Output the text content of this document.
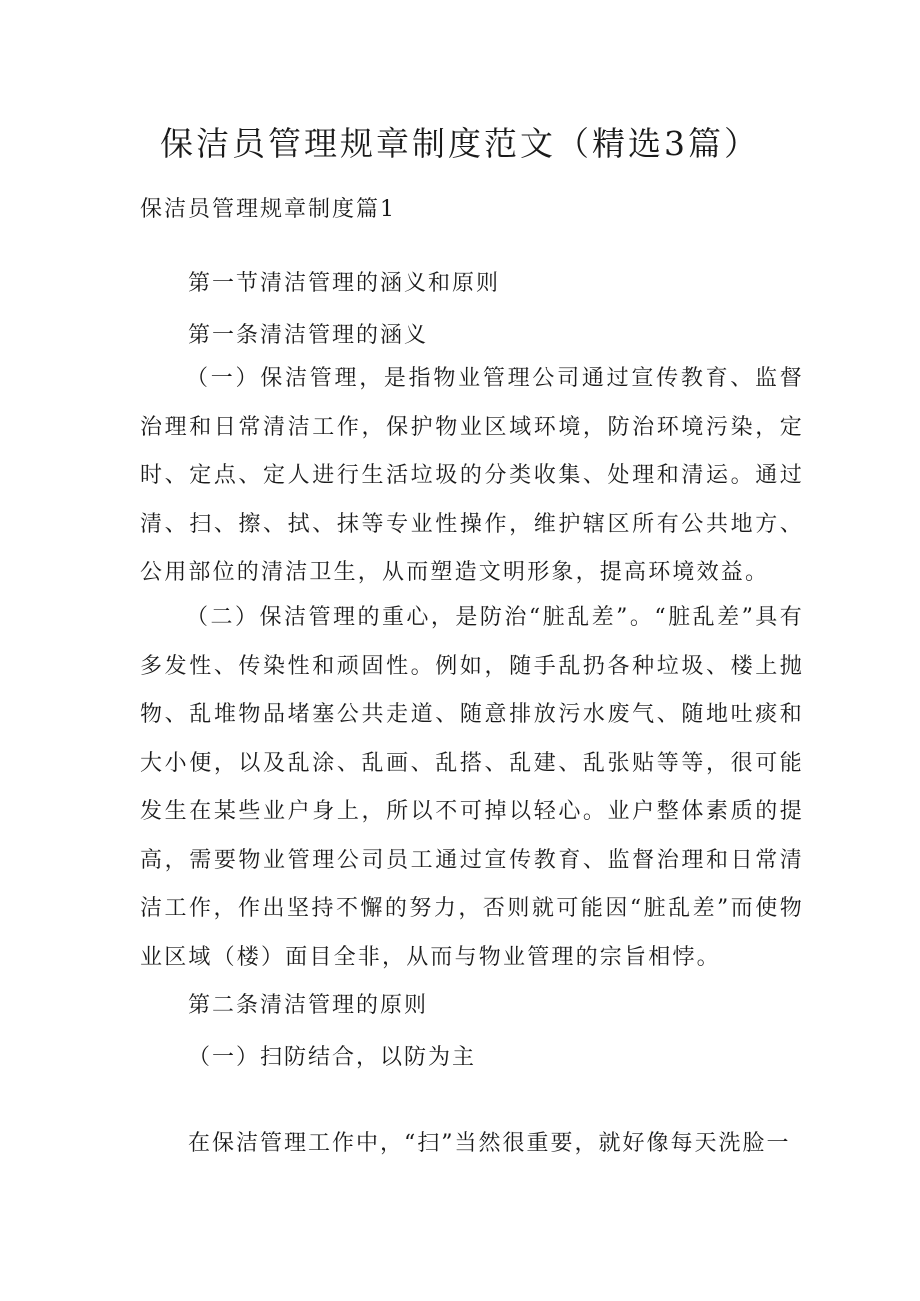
保洁员管理规章制度范文（精选3篇）
保洁员管理规章制度篇1
第一节清洁管理的涵义和原则
第一条清洁管理的涵义

（一）保洁管理，是指物业管理公司通过宣传教育、监督治理和日常清洁工作，保护物业区域环境，防治环境污染，定时、定点、定人进行生活垃圾的分类收集、处理和清运。通过清、扫、擦、拭、抹等专业性操作，维护辖区所有公共地方、公用部位的清洁卫生，从而塑造文明形象，提高环境效益。

（二）保洁管理的重心，是防治“脏乱差”。“脏乱差”具有多发性、传染性和顽固性。例如，随手乱扔各种垃圾、楼上抛物、乱堆物品堵塞公共走道、随意排放污水废气、随地吐痰和大小便，以及乱涂、乱画、乱搭、乱建、乱张贴等等，很可能发生在某些业户身上，所以不可掉以轻心。业户整体素质的提高，需要物业管理公司员工通过宣传教育、监督治理和日常清洁工作，作出坚持不懈的努力，否则就可能因“脏乱差”而使物业区域（楼）面目全非，从而与物业管理的宗旨相悖。

第二条清洁管理的原则
（一）扫防结合，以防为主
在保洁管理工作中，“扫”当然很重要，就好像每天洗脸一
